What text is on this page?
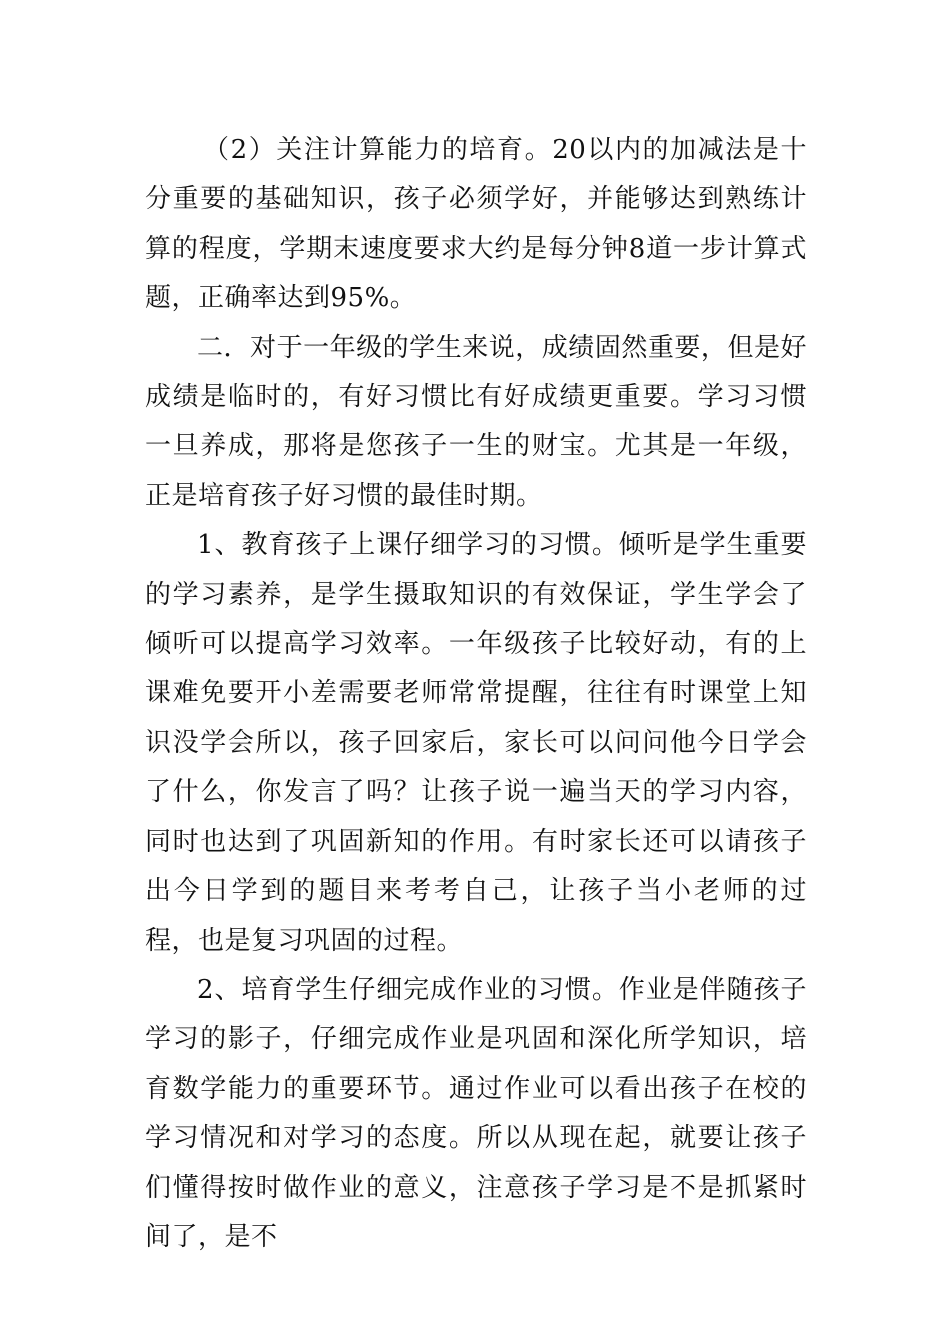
（2）关注计算能力的培育。20以内的加减法是十分重要的基础知识，孩子必须学好，并能够达到熟练计算的程度，学期末速度要求大约是每分钟8道一步计算式题，正确率达到95%。

二．对于一年级的学生来说，成绩固然重要，但是好成绩是临时的，有好习惯比有好成绩更重要。学习习惯一旦养成，那将是您孩子一生的财宝。尤其是一年级，正是培育孩子好习惯的最佳时期。

1、教育孩子上课仔细学习的习惯。倾听是学生重要的学习素养，是学生摄取知识的有效保证，学生学会了倾听可以提高学习效率。一年级孩子比较好动，有的上课难免要开小差需要老师常常提醒，往往有时课堂上知识没学会所以，孩子回家后，家长可以问问他今日学会了什么，你发言了吗？让孩子说一遍当天的学习内容，同时也达到了巩固新知的作用。有时家长还可以请孩子出今日学到的题目来考考自己，让孩子当小老师的过程，也是复习巩固的过程。

2、培育学生仔细完成作业的习惯。作业是伴随孩子学习的影子，仔细完成作业是巩固和深化所学知识，培育数学能力的重要环节。通过作业可以看出孩子在校的学习情况和对学习的态度。所以从现在起，就要让孩子们懂得按时做作业的意义，注意孩子学习是不是抓紧时间了，是不
